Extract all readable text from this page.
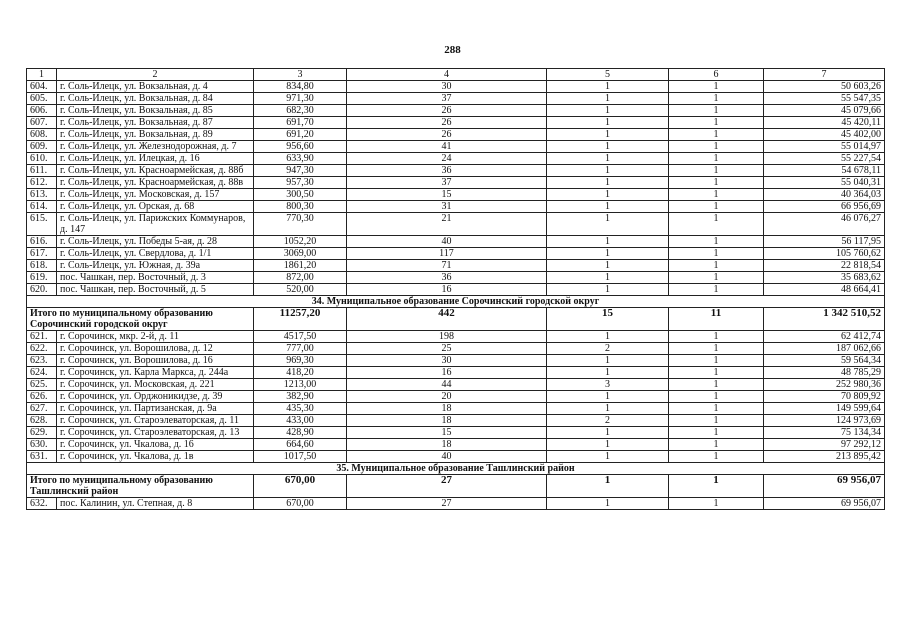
288
1	2	3	4	5	6	7
604.	г. Соль-Илецк, ул. Вокзальная, д. 4	834,80	30	1	1	50 603,26
605.	г. Соль-Илецк, ул. Вокзальная, д. 84	971,30	37	1	1	55 547,35
606.	г. Соль-Илецк, ул. Вокзальная, д. 85	682,30	26	1	1	45 079,66
607.	г. Соль-Илецк, ул. Вокзальная, д. 87	691,70	26	1	1	45 420,11
608.	г. Соль-Илецк, ул. Вокзальная, д. 89	691,20	26	1	1	45 402,00
609.	г. Соль-Илецк, ул. Железнодорожная, д. 7	956,60	41	1	1	55 014,97
610.	г. Соль-Илецк, ул. Илецкая, д. 16	633,90	24	1	1	55 227,54
611.	г. Соль-Илецк, ул. Красноармейская, д. 88б	947,30	36	1	1	54 678,11
612.	г. Соль-Илецк, ул. Красноармейская, д. 88в	957,30	37	1	1	55 040,31
613.	г. Соль-Илецк, ул. Московская, д. 157	300,50	15	1	1	40 364,03
614.	г. Соль-Илецк, ул. Орская, д. 68	800,30	31	1	1	66 956,69
615.	г. Соль-Илецк, ул. Парижских Коммунаров, д. 147	770,30	21	1	1	46 076,27
616.	г. Соль-Илецк, ул. Победы 5-ая, д. 28	1052,20	40	1	1	56 117,95
617.	г. Соль-Илецк, ул. Свердлова, д. 1/1	3069,00	117	1	1	105 760,62
618.	г. Соль-Илецк, ул. Южная, д. 39а	1861,20	71	1	1	22 818,54
619.	пос. Чашкан, пер. Восточный, д. 3	872,00	36	1	1	35 683,62
620.	пос. Чашкан, пер. Восточный, д. 5	520,00	16	1	1	48 664,41
34. Муниципальное образование Сорочинский городской округ						
Итого по муниципальному образованию Сорочинский городской округ		11257,20	442	15	11	1 342 510,52
621.	г. Сорочинск, мкр. 2-й, д. 11	4517,50	198	1	1	62 412,74
622.	г. Сорочинск, ул. Ворошилова, д. 12	777,00	25	2	1	187 062,66
623.	г. Сорочинск, ул. Ворошилова, д. 16	969,30	30	1	1	59 564,34
624.	г. Сорочинск, ул. Карла Маркса, д. 244а	418,20	16	1	1	48 785,29
625.	г. Сорочинск, ул. Московская, д. 221	1213,00	44	3	1	252 980,36
626.	г. Сорочинск, ул. Орджоникидзе, д. 39	382,90	20	1	1	70 809,92
627.	г. Сорочинск, ул. Партизанская, д. 9а	435,30	18	1	1	149 599,64
628.	г. Сорочинск, ул. Староэлеваторская, д. 11	433,00	18	2	1	124 973,69
629.	г. Сорочинск, ул. Староэлеваторская, д. 13	428,90	15	1	1	75 134,34
630.	г. Сорочинск, ул. Чкалова, д. 16	664,60	18	1	1	97 292,12
631.	г. Сорочинск, ул. Чкалова, д. 1в	1017,50	40	1	1	213 895,42
35. Муниципальное образование Ташлинский район						
Итого по муниципальному образованию Ташлинский район		670,00	27	1	1	69 956,07
632.	пос. Калинин, ул. Степная, д. 8	670,00	27	1	1	69 956,07
